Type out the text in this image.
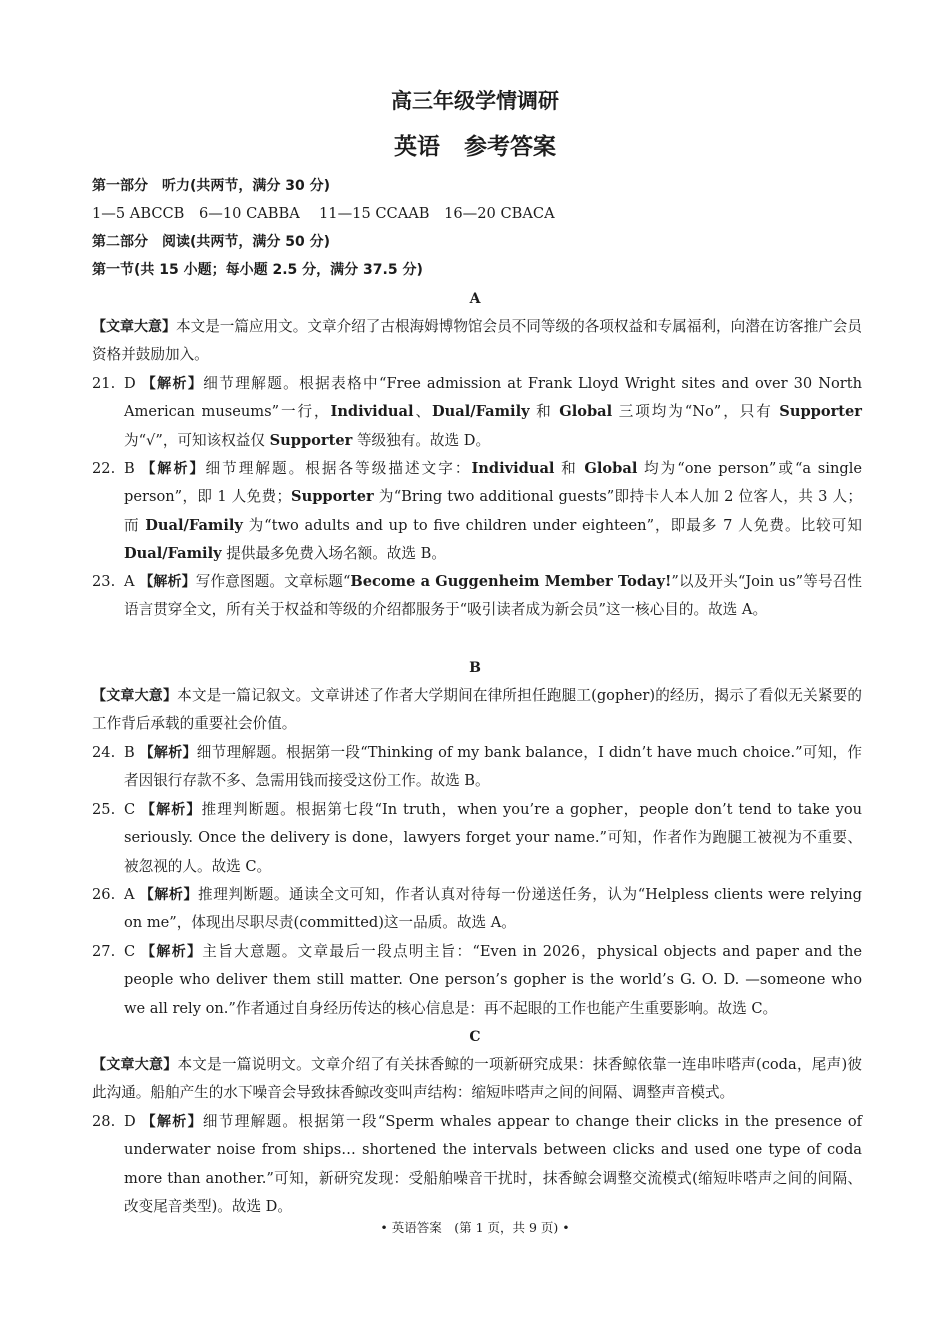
高三年级学情调研
英语 参考答案
第一部分　听力(共两节，满分 30 分)
1—5 ABCCB　6—10 CABBA　 11—15 CCAAB　16—20 CBACA
第二部分　阅读(共两节，满分 50 分)
第一节(共 15 小题；每小题 2.5 分，满分 37.5 分)
A
【文章大意】本文是一篇应用文。文章介绍了古根海姆博物馆会员不同等级的各项权益和专属福利，向潜在访客推广会员资格并鼓励加入。
21. D 【解析】细节理解题。根据表格中“Free admission at Frank Lloyd Wright sites and over 30 North American museums”一行，Individual、Dual/Family 和 Global 三项均为“No”，只有 Supporter 为“√”，可知该权益仅 Supporter 等级独有。故选 D。
22. B 【解析】细节理解题。根据各等级描述文字：Individual 和 Global 均为“one person”或“a single person”，即 1 人免费；Supporter 为“Bring two additional guests”即持卡人本人加 2 位客人，共 3 人；而 Dual/Family 为“two adults and up to five children under eighteen”，即最多 7 人免费。比较可知 Dual/Family 提供最多免费入场名额。故选 B。
23. A 【解析】写作意图题。文章标题“Become a Guggenheim Member Today!”以及开头“Join us”等号召性语言贯穿全文，所有关于权益和等级的介绍都服务于“吸引读者成为新会员”这一核心目的。故选 A。
B
【文章大意】本文是一篇记叙文。文章讲述了作者大学期间在律所担任跑腿工(gopher)的经历，揭示了看似无关紧要的工作背后承载的重要社会价值。
24. B 【解析】细节理解题。根据第一段“Thinking of my bank balance，I didn’t have much choice.”可知，作者因银行存款不多、急需用钱而接受这份工作。故选 B。
25. C 【解析】推理判断题。根据第七段“In truth，when you’re a gopher，people don’t tend to take you seriously. Once the delivery is done，lawyers forget your name.”可知，作者作为跑腿工被视为不重要、被忽视的人。故选 C。
26. A 【解析】推理判断题。通读全文可知，作者认真对待每一份递送任务，认为“Helpless clients were relying on me”，体现出尽职尽责(committed)这一品质。故选 A。
27. C 【解析】主旨大意题。文章最后一段点明主旨：“Even in 2026，physical objects and paper and the people who deliver them still matter. One person’s gopher is the world’s G. O. D. —someone who we all rely on.”作者通过自身经历传达的核心信息是：再不起眼的工作也能产生重要影响。故选 C。
C
【文章大意】本文是一篇说明文。文章介绍了有关抹香鲸的一项新研究成果：抹香鲸依靠一连串咔嗒声(coda，尾声)彼此沟通。船舶产生的水下噪音会导致抹香鲸改变叫声结构：缩短咔嗒声之间的间隔、调整声音模式。
28. D 【解析】细节理解题。根据第一段“Sperm whales appear to change their clicks in the presence of underwater noise from ships… shortened the intervals between clicks and used one type of coda more than another.”可知，新研究发现：受船舶噪音干扰时，抹香鲸会调整交流模式(缩短咔嗒声之间的间隔、改变尾音类型)。故选 D。
• 英语答案　(第 1 页，共 9 页) •
